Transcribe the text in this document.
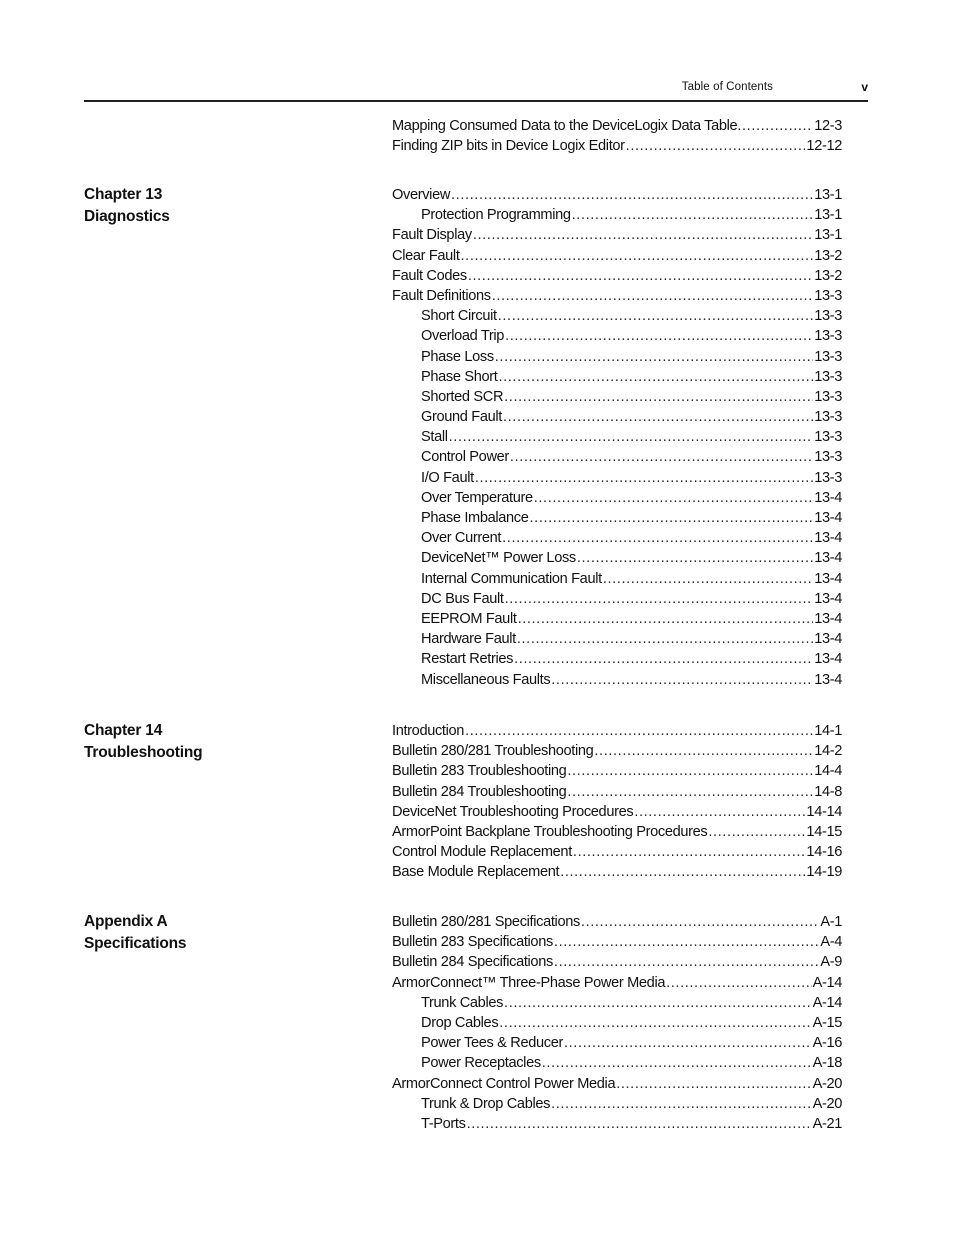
Table of Contents	v
Mapping Consumed Data to the DeviceLogix Data Table. .....	12-3
Finding ZIP bits in Device Logix Editor .....	12-12
Chapter 13
Diagnostics
Overview .....	13-1
Protection Programming .....	13-1
Fault Display .....	13-1
Clear Fault .....	13-2
Fault Codes .....	13-2
Fault Definitions .....	13-3
Short Circuit .....	13-3
Overload Trip .....	13-3
Phase Loss .....	13-3
Phase Short .....	13-3
Shorted SCR .....	13-3
Ground Fault .....	13-3
Stall .....	13-3
Control Power .....	13-3
I/O Fault .....	13-3
Over Temperature .....	13-4
Phase Imbalance .....	13-4
Over Current .....	13-4
DeviceNet™ Power Loss .....	13-4
Internal Communication Fault .....	13-4
DC Bus Fault .....	13-4
EEPROM Fault .....	13-4
Hardware Fault .....	13-4
Restart Retries .....	13-4
Miscellaneous Faults .....	13-4
Chapter 14
Troubleshooting
Introduction .....	14-1
Bulletin 280/281 Troubleshooting .....	14-2
Bulletin 283 Troubleshooting .....	14-4
Bulletin 284 Troubleshooting .....	14-8
DeviceNet Troubleshooting Procedures .....	14-14
ArmorPoint Backplane Troubleshooting Procedures .....	14-15
Control Module Replacement .....	14-16
Base Module Replacement .....	14-19
Appendix A
Specifications
Bulletin 280/281 Specifications .....	A-1
Bulletin 283 Specifications .....	A-4
Bulletin 284 Specifications .....	A-9
ArmorConnect™ Three-Phase Power Media .....	A-14
Trunk Cables .....	A-14
Drop Cables .....	A-15
Power Tees & Reducer .....	A-16
Power Receptacles .....	A-18
ArmorConnect Control Power Media .....	A-20
Trunk & Drop Cables .....	A-20
T-Ports .....	A-21
